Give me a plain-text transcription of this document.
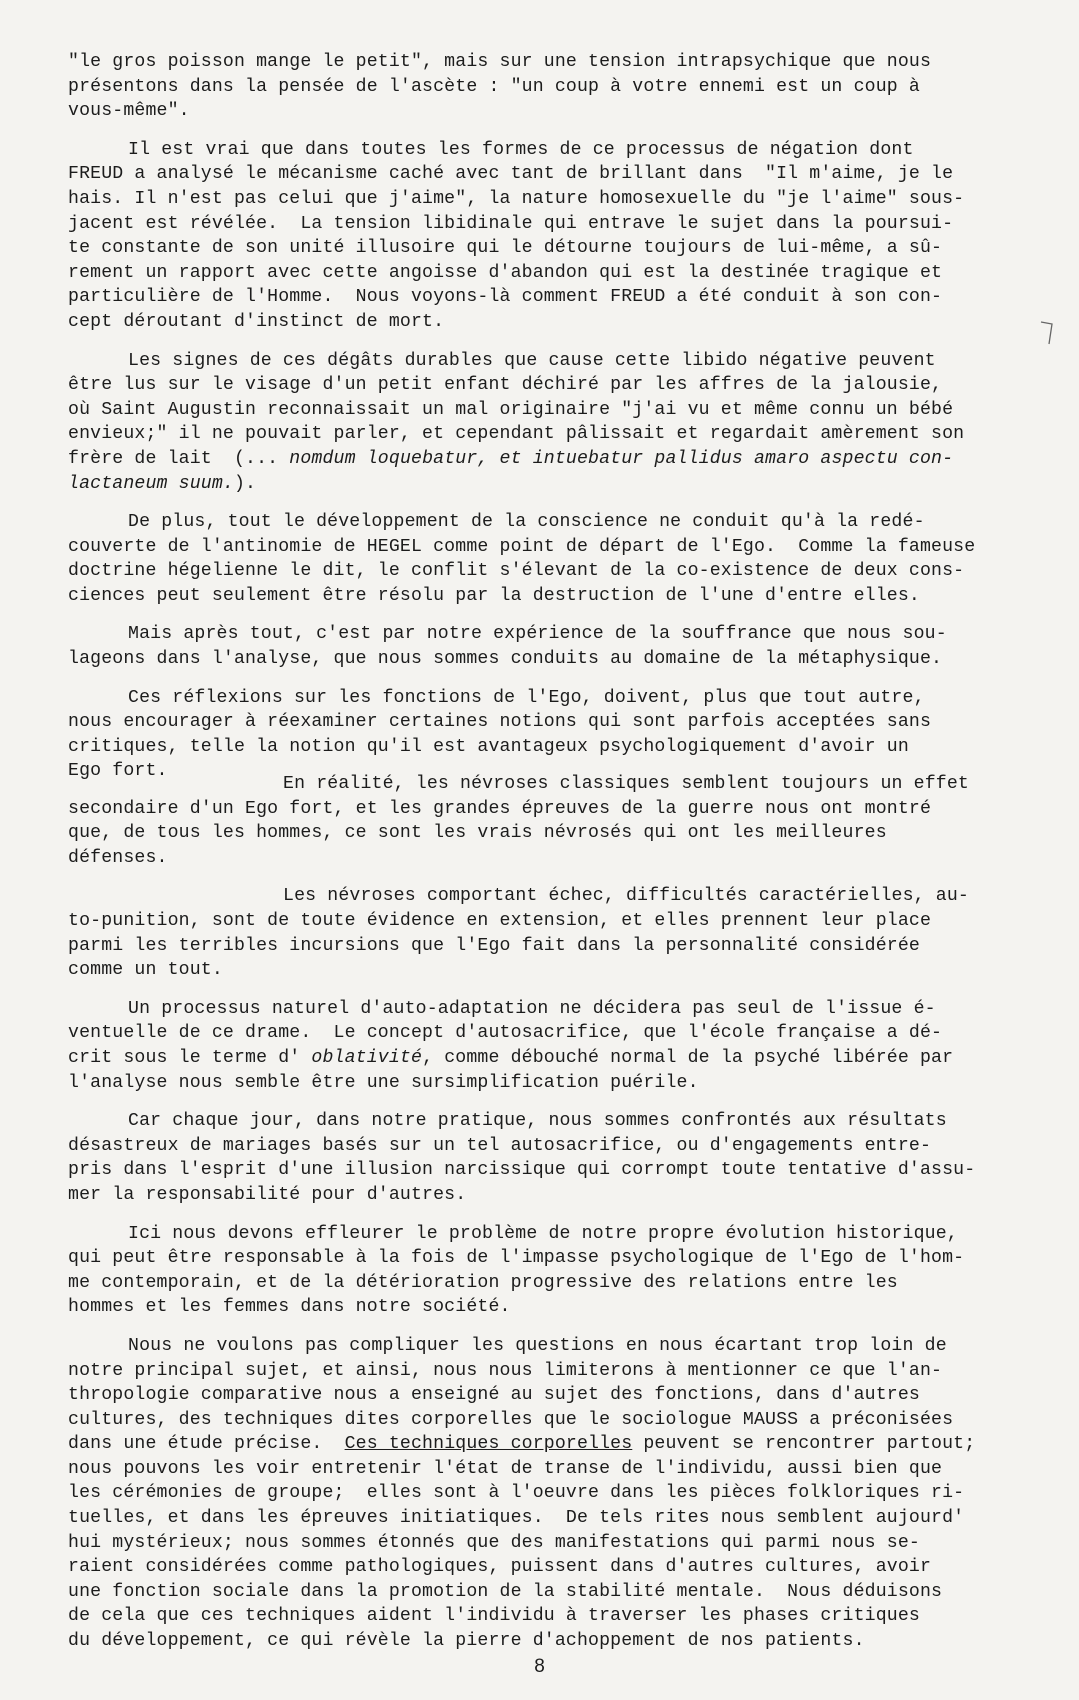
"le gros poisson mange le petit", mais sur une tension intrapsychique que nous
présentons dans la pensée de l'ascète : "un coup à votre ennemi est un coup à
vous-même".
Il est vrai que dans toutes les formes de ce processus de négation dont
FREUD a analysé le mécanisme caché avec tant de brillant dans  "Il m'aime, je le
hais. Il n'est pas celui que j'aime", la nature homosexuelle du "je l'aime" sous-
jacent est révélée.  La tension libidinale qui entrave le sujet dans la poursui-
te constante de son unité illusoire qui le détourne toujours de lui-même, a sû-
rement un rapport avec cette angoisse d'abandon qui est la destinée tragique et
particulière de l'Homme.  Nous voyons-là comment FREUD a été conduit à son con-
cept déroutant d'instinct de mort.
Les signes de ces dégâts durables que cause cette libido négative peuvent
être lus sur le visage d'un petit enfant déchiré par les affres de la jalousie,
où Saint Augustin reconnaissait un mal originaire "j'ai vu et même connu un bébé
envieux;" il ne pouvait parler, et cependant pâlissait et regardait amèrement son
frère de lait  (... nomdum loquebatur, et intuebatur pallidus amaro aspectu con-
lactaneum suum.).
De plus, tout le développement de la conscience ne conduit qu'à la redé-
couverte de l'antinomie de HEGEL comme point de départ de l'Ego.  Comme la fameuse
doctrine hégelienne le dit, le conflit s'élevant de la co-existence de deux cons-
ciences peut seulement être résolu par la destruction de l'une d'entre elles.
Mais après tout, c'est par notre expérience de la souffrance que nous sou-
lageons dans l'analyse, que nous sommes conduits au domaine de la métaphysique.
Ces réflexions sur les fonctions de l'Ego, doivent, plus que tout autre,
nous encourager à réexaminer certaines notions qui sont parfois acceptées sans
critiques, telle la notion qu'il est avantageux psychologiquement d'avoir un
Ego fort.
En réalité, les névroses classiques semblent toujours un effet
secondaire d'un Ego fort, et les grandes épreuves de la guerre nous ont montré
que, de tous les hommes, ce sont les vrais névrosés qui ont les meilleures
défenses.
Les névroses comportant échec, difficultés caractérielles, au-
to-punition, sont de toute évidence en extension, et elles prennent leur place
parmi les terribles incursions que l'Ego fait dans la personnalité considérée
comme un tout.
Un processus naturel d'auto-adaptation ne décidera pas seul de l'issue é-
ventuelle de ce drame.  Le concept d'autosacrifice, que l'école française a dé-
crit sous le terme d' oblativité, comme débouché normal de la psyché libérée par
l'analyse nous semble être une sursimplification puérile.
Car chaque jour, dans notre pratique, nous sommes confrontés aux résultats
désastreux de mariages basés sur un tel autosacrifice, ou d'engagements entre-
pris dans l'esprit d'une illusion narcissique qui corrompt toute tentative d'assu-
mer la responsabilité pour d'autres.
Ici nous devons effleurer le problème de notre propre évolution historique,
qui peut être responsable à la fois de l'impasse psychologique de l'Ego de l'hom-
me contemporain, et de la détérioration progressive des relations entre les
hommes et les femmes dans notre société.
Nous ne voulons pas compliquer les questions en nous écartant trop loin de
notre principal sujet, et ainsi, nous nous limiterons à mentionner ce que l'an-
thropologie comparative nous a enseigné au sujet des fonctions, dans d'autres
cultures, des techniques dites corporelles que le sociologue MAUSS a préconisées
dans une étude précise.  Ces techniques corporelles peuvent se rencontrer partout;
nous pouvons les voir entretenir l'état de transe de l'individu, aussi bien que
les cérémonies de groupe;  elles sont à l'oeuvre dans les pièces folkloriques ri-
tuelles, et dans les épreuves initiatiques.  De tels rites nous semblent aujourd'
hui mystérieux; nous sommes étonnés que des manifestations qui parmi nous se-
raient considérées comme pathologiques, puissent dans d'autres cultures, avoir
une fonction sociale dans la promotion de la stabilité mentale.  Nous déduisons
de cela que ces techniques aident l'individu à traverser les phases critiques
du développement, ce qui révèle la pierre d'achoppement de nos patients.
8
